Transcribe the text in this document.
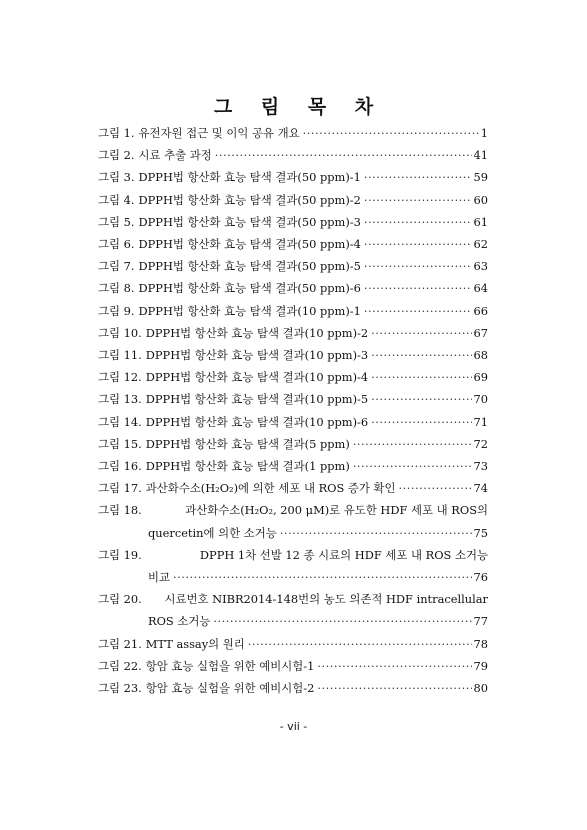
그 림 목 차
그림 1. 유전자원 접근 및 이익 공유 개요 ·····	1
그림 2. 시료 추출 과정 ·····	41
그림 3. DPPH법 항산화 효능 탐색 결과(50 ppm)-1 ·····	59
그림 4. DPPH법 항산화 효능 탐색 결과(50 ppm)-2 ·····	60
그림 5. DPPH법 항산화 효능 탐색 결과(50 ppm)-3 ·····	61
그림 6. DPPH법 항산화 효능 탐색 결과(50 ppm)-4 ·····	62
그림 7. DPPH법 항산화 효능 탐색 결과(50 ppm)-5 ·····	63
그림 8. DPPH법 항산화 효능 탐색 결과(50 ppm)-6 ·····	64
그림 9. DPPH법 항산화 효능 탐색 결과(10 ppm)-1 ·····	66
그림 10. DPPH법 항산화 효능 탐색 결과(10 ppm)-2 ·····	67
그림 11. DPPH법 항산화 효능 탐색 결과(10 ppm)-3 ·····	68
그림 12. DPPH법 항산화 효능 탐색 결과(10 ppm)-4 ·····	69
그림 13. DPPH법 항산화 효능 탐색 결과(10 ppm)-5 ·····	70
그림 14. DPPH법 항산화 효능 탐색 결과(10 ppm)-6 ·····	71
그림 15. DPPH법 항산화 효능 탐색 결과(5 ppm) ·····	72
그림 16. DPPH법 항산화 효능 탐색 결과(1 ppm) ·····	73
그림 17. 과산화수소(H₂O₂)에 의한 세포 내 ROS 증가 확인 ·····	74
그림 18.	과산화수소(H₂O₂, 200 μM)로 유도한 HDF 세포 내 ROS의
quercetin에 의한 소거능 ·····	75
그림 19.	DPPH 1차 선발 12 종 시료의 HDF 세포 내 ROS 소거능
비교 ·····	76
그림 20. 시료번호 NIBR2014-148번의 농도 의존적 HDF intracellular
ROS 소거능 ·····	77
그림 21. MTT assay의 원리 ·····	78
그림 22. 항암 효능 실험을 위한 예비시험-1 ·····	79
그림 23. 항암 효능 실험을 위한 예비시험-2 ·····	80
- vii -
